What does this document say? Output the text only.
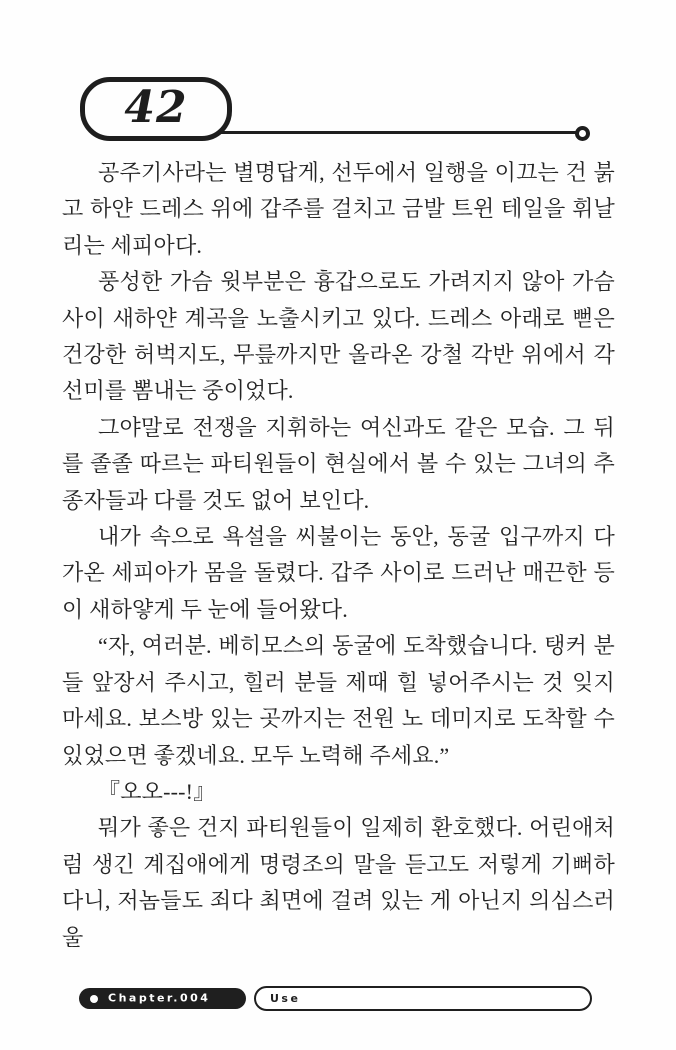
42

공주기사라는 별명답게, 선두에서 일행을 이끄는 건 붉고 하얀 드레스 위에 갑주를 걸치고 금발 트윈 테일을 휘날리는 세피아다.

풍성한 가슴 윗부분은 흉갑으로도 가려지지 않아 가슴 사이 새하얀 계곡을 노출시키고 있다. 드레스 아래로 뻗은 건강한 허벅지도, 무릎까지만 올라온 강철 각반 위에서 각선미를 뽐내는 중이었다.

그야말로 전쟁을 지휘하는 여신과도 같은 모습. 그 뒤를 졸졸 따르는 파티원들이 현실에서 볼 수 있는 그녀의 추종자들과 다를 것도 없어 보인다.

내가 속으로 욕설을 씨불이는 동안, 동굴 입구까지 다가온 세피아가 몸을 돌렸다. 갑주 사이로 드러난 매끈한 등이 새하얗게 두 눈에 들어왔다.

“자, 여러분. 베히모스의 동굴에 도착했습니다. 탱커 분들 앞장서 주시고, 힐러 분들 제때 힐 넣어주시는 것 잊지 마세요. 보스방 있는 곳까지는 전원 노 데미지로 도착할 수 있었으면 좋겠네요. 모두 노력해 주세요.”

『오오---!』

뭐가 좋은 건지 파티원들이 일제히 환호했다. 어린애처럼 생긴 계집애에게 명령조의 말을 듣고도 저렇게 기뻐하다니, 저놈들도 죄다 최면에 걸려 있는 게 아닌지 의심스러울

Chapter.004	Use
